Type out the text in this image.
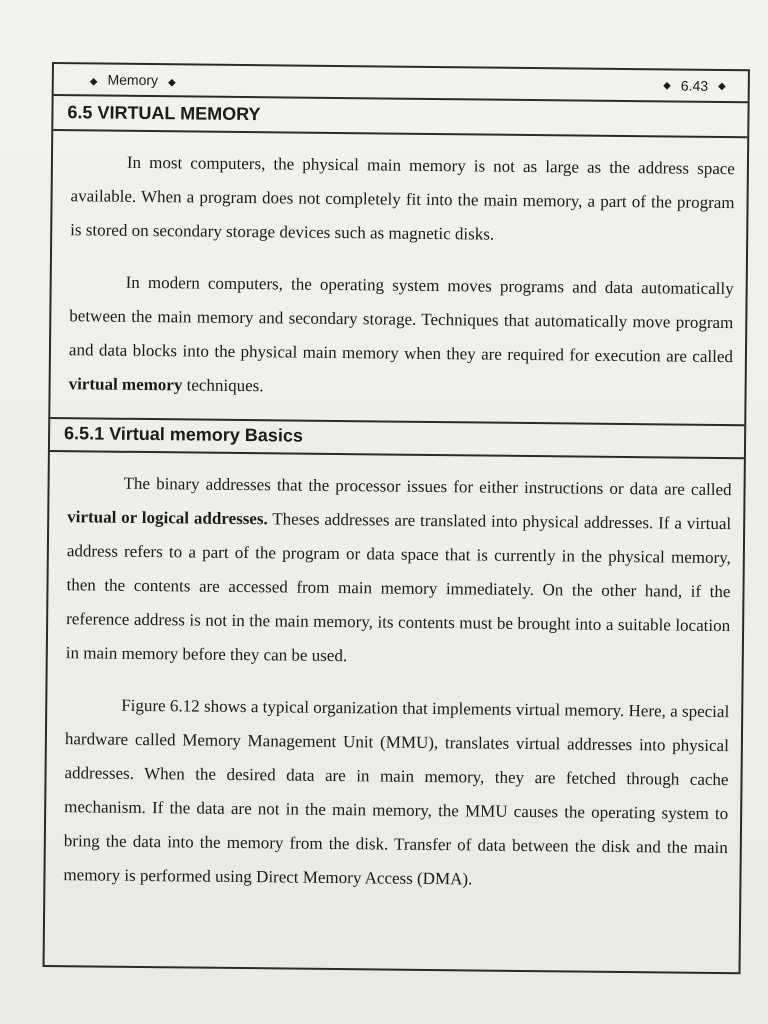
◆ Memory ◆	◆ 6.43 ◆
6.5 VIRTUAL MEMORY

In most computers, the physical main memory is not as large as the address space available. When a program does not completely fit into the main memory, a part of the program is stored on secondary storage devices such as magnetic disks.

In modern computers, the operating system moves programs and data automatically between the main memory and secondary storage. Techniques that automatically move program and data blocks into the physical main memory when they are required for execution are called virtual memory techniques.

6.5.1 Virtual memory Basics

The binary addresses that the processor issues for either instructions or data are called virtual or logical addresses. Theses addresses are translated into physical addresses. If a virtual address refers to a part of the program or data space that is currently in the physical memory, then the contents are accessed from main memory immediately. On the other hand, if the reference address is not in the main memory, its contents must be brought into a suitable location in main memory before they can be used.

Figure 6.12 shows a typical organization that implements virtual memory. Here, a special hardware called Memory Management Unit (MMU), translates virtual addresses into physical addresses. When the desired data are in main memory, they are fetched through cache mechanism. If the data are not in the main memory, the MMU causes the operating system to bring the data into the memory from the disk. Transfer of data between the disk and the main memory is performed using Direct Memory Access (DMA).
